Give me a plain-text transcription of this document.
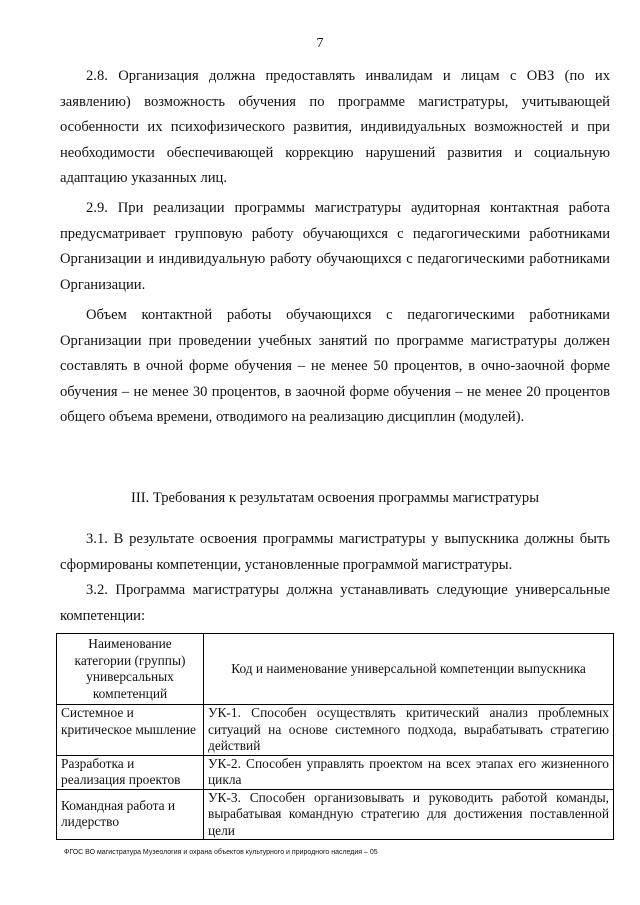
7

2.8. Организация должна предоставлять инвалидам и лицам с ОВЗ (по их заявлению) возможность обучения по программе магистратуры, учитывающей особенности их психофизического развития, индивидуальных возможностей и при необходимости обеспечивающей коррекцию нарушений развития и социальную адаптацию указанных лиц.

2.9. При реализации программы магистратуры аудиторная контактная работа предусматривает групповую работу обучающихся с педагогическими работниками Организации и индивидуальную работу обучающихся с педагогическими работниками Организации.

Объем контактной работы обучающихся с педагогическими работниками Организации при проведении учебных занятий по программе магистратуры должен составлять в очной форме обучения – не менее 50 процентов, в очно-заочной форме обучения – не менее 30 процентов, в заочной форме обучения – не менее 20 процентов общего объема времени, отводимого на реализацию дисциплин (модулей).

III. Требования к результатам освоения программы магистратуры

3.1. В результате освоения программы магистратуры у выпускника должны быть сформированы компетенции, установленные программой магистратуры.

3.2. Программа магистратуры должна устанавливать следующие универсальные компетенции:

Наименование категории (группы) универсальных компетенций	Код и наименование универсальной компетенции выпускника
Системное и критическое мышление	УК-1. Способен осуществлять критический анализ проблемных ситуаций на основе системного подхода, вырабатывать стратегию действий
Разработка и реализация проектов	УК-2. Способен управлять проектом на всех этапах его жизненного цикла
Командная работа и лидерство	УК-3. Способен организовывать и руководить работой команды, вырабатывая командную стратегию для достижения поставленной цели
ФГОС ВО магистратура Музеология и охрана объектов культурного и природного наследия – 05
